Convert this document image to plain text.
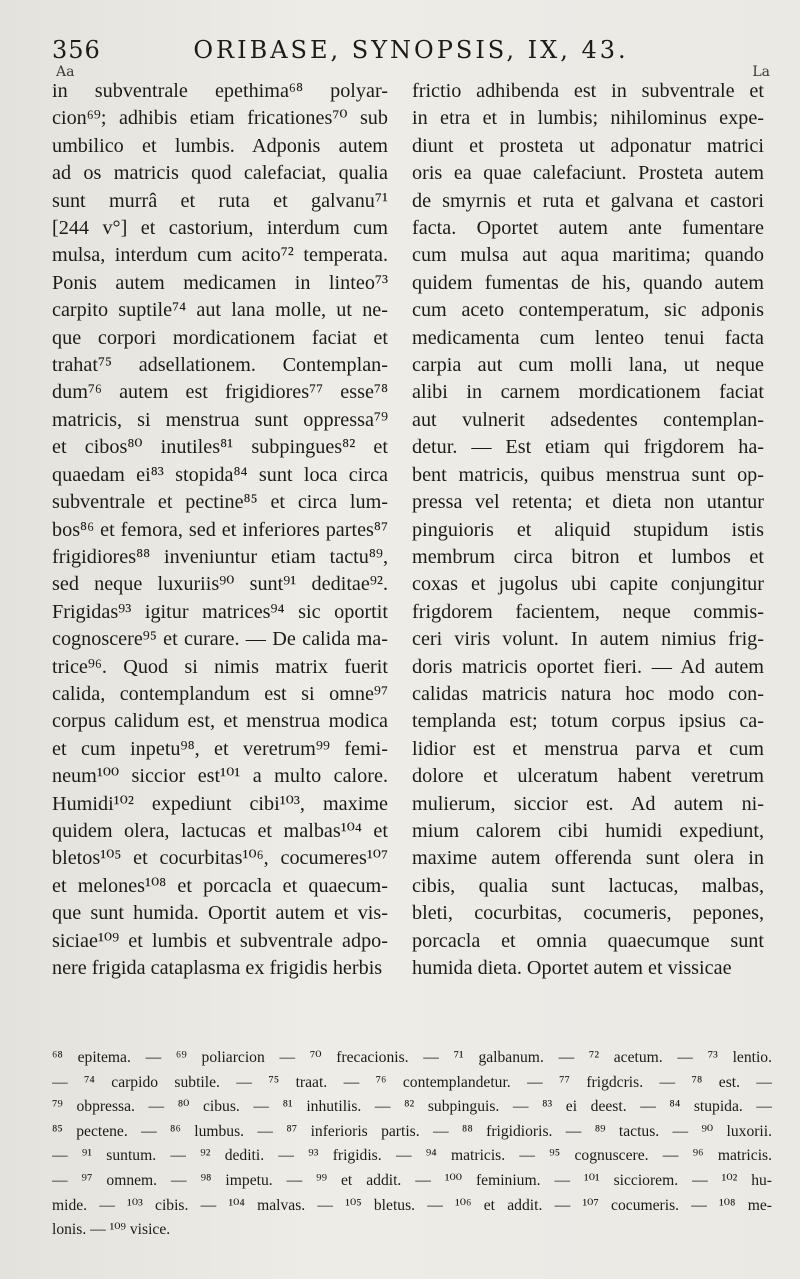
356	ORIBASE, SYNOPSIS, IX, 43.
Aa	La
in subventrale epethima⁶⁸ polyar-
cion⁶⁹; adhibis etiam fricationes⁷⁰ sub
umbilico et lumbis. Adponis autem
ad os matricis quod calefaciat, qualia
sunt murrâ et ruta et galvanu⁷¹
[244 v°] et castorium, interdum cum
mulsa, interdum cum acito⁷² temperata.
Ponis autem medicamen in linteo⁷³
carpito suptile⁷⁴ aut lana molle, ut ne-
que corpori mordicationem faciat et
trahat⁷⁵ adsellationem. Contemplan-
dum⁷⁶ autem est frigidiores⁷⁷ esse⁷⁸
matricis, si menstrua sunt oppressa⁷⁹
et cibos⁸⁰ inutiles⁸¹ subpingues⁸² et
quaedam ei⁸³ stopida⁸⁴ sunt loca circa
subventrale et pectine⁸⁵ et circa lum-
bos⁸⁶ et femora, sed et inferiores partes⁸⁷
frigidiores⁸⁸ inveniuntur etiam tactu⁸⁹,
sed neque luxuriis⁹⁰ sunt⁹¹ deditae⁹².
Frigidas⁹³ igitur matrices⁹⁴ sic oportit
cognoscere⁹⁵ et curare. — De calida ma-
trice⁹⁶. Quod si nimis matrix fuerit
calida, contemplandum est si omne⁹⁷
corpus calidum est, et menstrua modica
et cum inpetu⁹⁸, et veretrum⁹⁹ femi-
neum¹⁰⁰ siccior est¹⁰¹ a multo calore.
Humidi¹⁰² expediunt cibi¹⁰³, maxime
quidem olera, lactucas et malbas¹⁰⁴ et
bletos¹⁰⁵ et cocurbitas¹⁰⁶, cocumeres¹⁰⁷
et melones¹⁰⁸ et porcacla et quaecum-
que sunt humida. Oportit autem et vis-
siciae¹⁰⁹ et lumbis et subventrale adpo-
nere frigida cataplasma ex frigidis herbis
frictio adhibenda est in subventrale et
in etra et in lumbis; nihilominus expe-
diunt et prosteta ut adponatur matrici
oris ea quae calefaciunt. Prosteta autem
de smyrnis et ruta et galvana et castori
facta. Oportet autem ante fumentare
cum mulsa aut aqua maritima; quando
quidem fumentas de his, quando autem
cum aceto contemperatum, sic adponis
medicamenta cum lenteo tenui facta
carpia aut cum molli lana, ut neque
alibi in carnem mordicationem faciat
aut vulnerit adsedentes contemplan-
detur. — Est etiam qui frigdorem ha-
bent matricis, quibus menstrua sunt op-
pressa vel retenta; et dieta non utantur
pinguioris et aliquid stupidum istis
membrum circa bitron et lumbos et
coxas et jugolus ubi capite conjungitur
frigdorem facientem, neque commis-
ceri viris volunt. In autem nimius frig-
doris matricis oportet fieri. — Ad autem
calidas matricis natura hoc modo con-
templanda est; totum corpus ipsius ca-
lidior est et menstrua parva et cum
dolore et ulceratum habent veretrum
mulierum, siccior est. Ad autem ni-
mium calorem cibi humidi expediunt,
maxime autem offerenda sunt olera in
cibis, qualia sunt lactucas, malbas,
bleti, cocurbitas, cocumeris, pepones,
porcacla et omnia quaecumque sunt
humida dieta. Oportet autem et vissicae
⁶⁸ epitema. — ⁶⁹ poliarcion — ⁷⁰ frecacionis. — ⁷¹ galbanum. — ⁷² acetum. — ⁷³ lentio.
— ⁷⁴ carpido subtile. — ⁷⁵ traat. — ⁷⁶ contemplandetur. — ⁷⁷ frigdcris. — ⁷⁸ est. —
⁷⁹ obpressa. — ⁸⁰ cibus. — ⁸¹ inhutilis. — ⁸² subpinguis. — ⁸³ ei deest. — ⁸⁴ stupida. —
⁸⁵ pectene. — ⁸⁶ lumbus. — ⁸⁷ inferioris partis. — ⁸⁸ frigidioris. — ⁸⁹ tactus. — ⁹⁰ luxorii.
— ⁹¹ suntum. — ⁹² dediti. — ⁹³ frigidis. — ⁹⁴ matricis. — ⁹⁵ cognuscere. — ⁹⁶ matricis.
— ⁹⁷ omnem. — ⁹⁸ impetu. — ⁹⁹ et addit. — ¹⁰⁰ feminium. — ¹⁰¹ sicciorem. — ¹⁰² hu-
mide. — ¹⁰³ cibis. — ¹⁰⁴ malvas. — ¹⁰⁵ bletus. — ¹⁰⁶ et addit. — ¹⁰⁷ cocumeris. — ¹⁰⁸ me-
lonis. — ¹⁰⁹ visice.
